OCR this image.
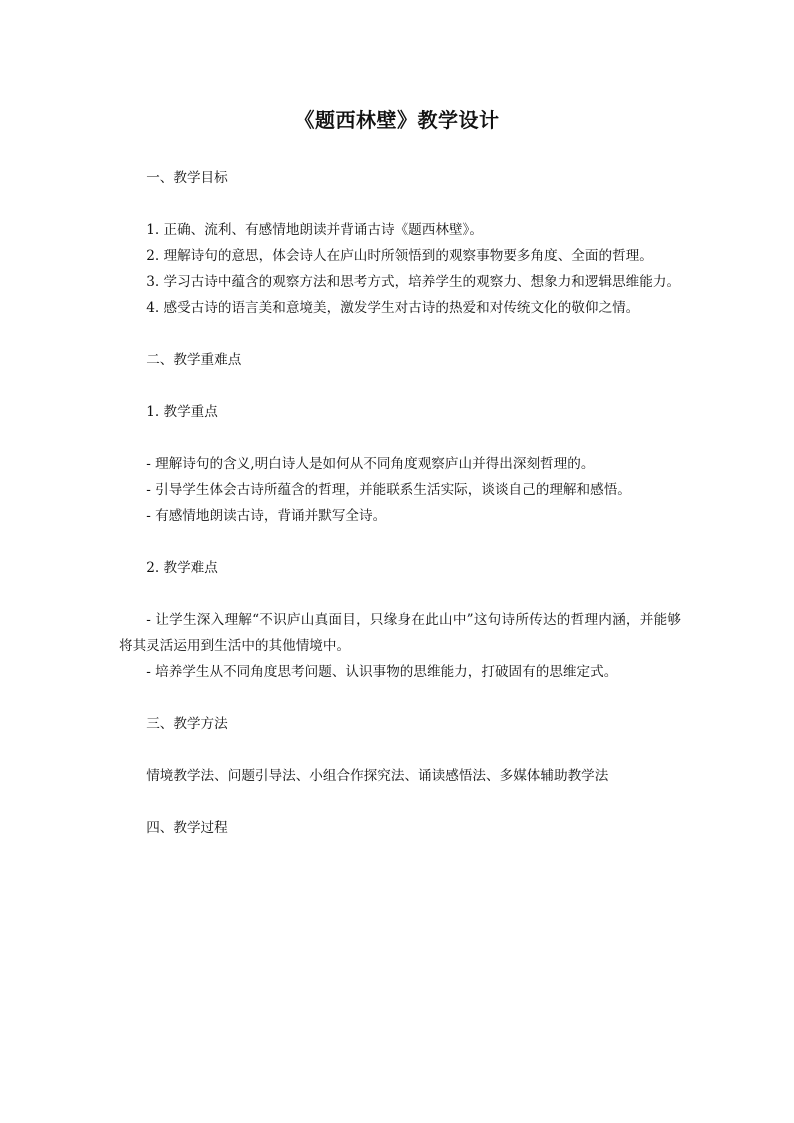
《题西林壁》教学设计

一、教学目标

1. 正确、流利、有感情地朗读并背诵古诗《题西林壁》。

2. 理解诗句的意思，体会诗人在庐山时所领悟到的观察事物要多角度、全面的哲理。

3. 学习古诗中蕴含的观察方法和思考方式，培养学生的观察力、想象力和逻辑思维能力。

4. 感受古诗的语言美和意境美，激发学生对古诗的热爱和对传统文化的敬仰之情。

二、教学重难点

1. 教学重点

- 理解诗句的含义,明白诗人是如何从不同角度观察庐山并得出深刻哲理的。

- 引导学生体会古诗所蕴含的哲理，并能联系生活实际，谈谈自己的理解和感悟。

- 有感情地朗读古诗，背诵并默写全诗。

2. 教学难点

- 让学生深入理解“不识庐山真面目，只缘身在此山中”这句诗所传达的哲理内涵，并能够将其灵活运用到生活中的其他情境中。

- 培养学生从不同角度思考问题、认识事物的思维能力，打破固有的思维定式。

三、教学方法

情境教学法、问题引导法、小组合作探究法、诵读感悟法、多媒体辅助教学法

四、教学过程
